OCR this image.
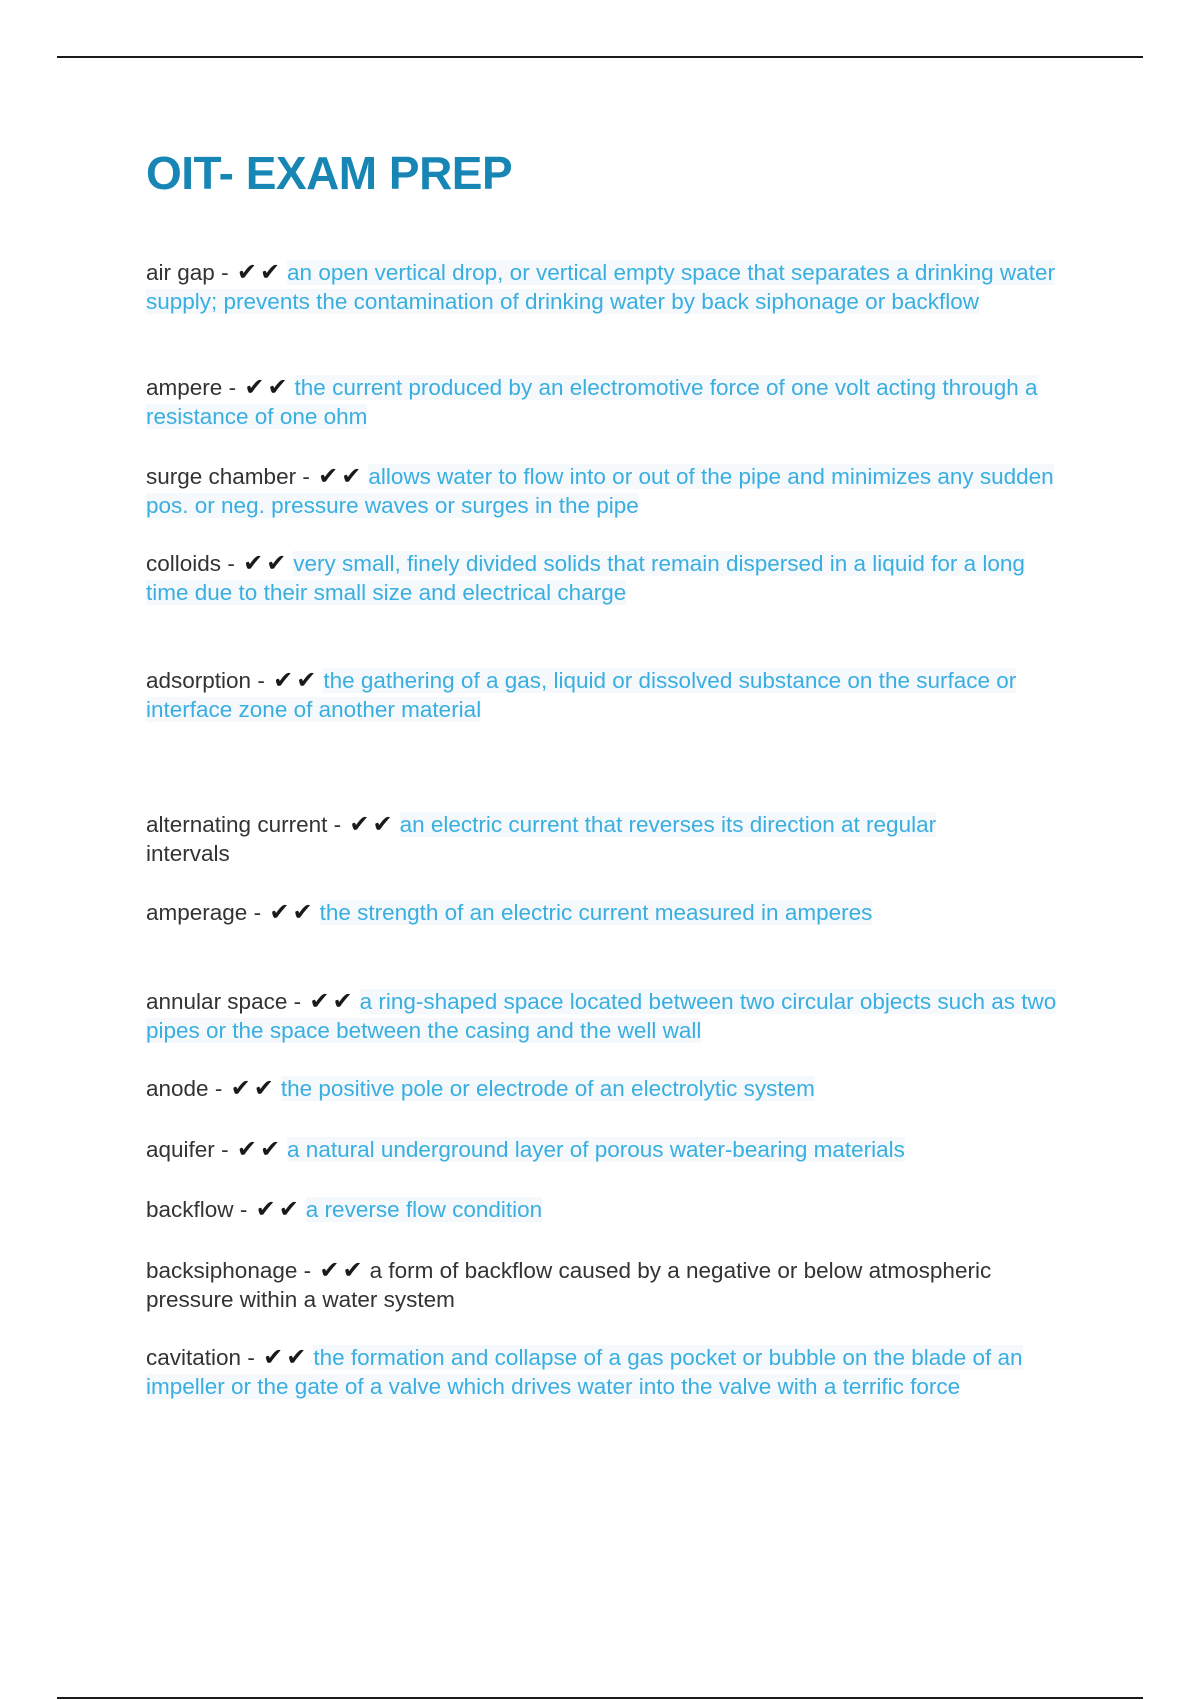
OIT- EXAM PREP
air gap - ✔✔ an open vertical drop, or vertical empty space that separates a drinking water supply; prevents the contamination of drinking water by back siphonage or backflow
ampere - ✔✔ the current produced by an electromotive force of one volt acting through a resistance of one ohm
surge chamber - ✔✔ allows water to flow into or out of the pipe and minimizes any sudden pos. or neg. pressure waves or surges in the pipe
colloids - ✔✔ very small, finely divided solids that remain dispersed in a liquid for a long time due to their small size and electrical charge
adsorption - ✔✔ the gathering of a gas, liquid or dissolved substance on the surface or interface zone of another material
alternating current - ✔✔ an electric current that reverses its direction at regular
intervals
amperage - ✔✔ the strength of an electric current measured in amperes
annular space - ✔✔ a ring-shaped space located between two circular objects such as two pipes or the space between the casing and the well wall
anode - ✔✔ the positive pole or electrode of an electrolytic system
aquifer - ✔✔ a natural underground layer of porous water-bearing materials
backflow - ✔✔ a reverse flow condition
backsiphonage - ✔✔ a form of backflow caused by a negative or below atmospheric pressure within a water system
cavitation - ✔✔ the formation and collapse of a gas pocket or bubble on the blade of an impeller or the gate of a valve which drives water into the valve with a terrific force
